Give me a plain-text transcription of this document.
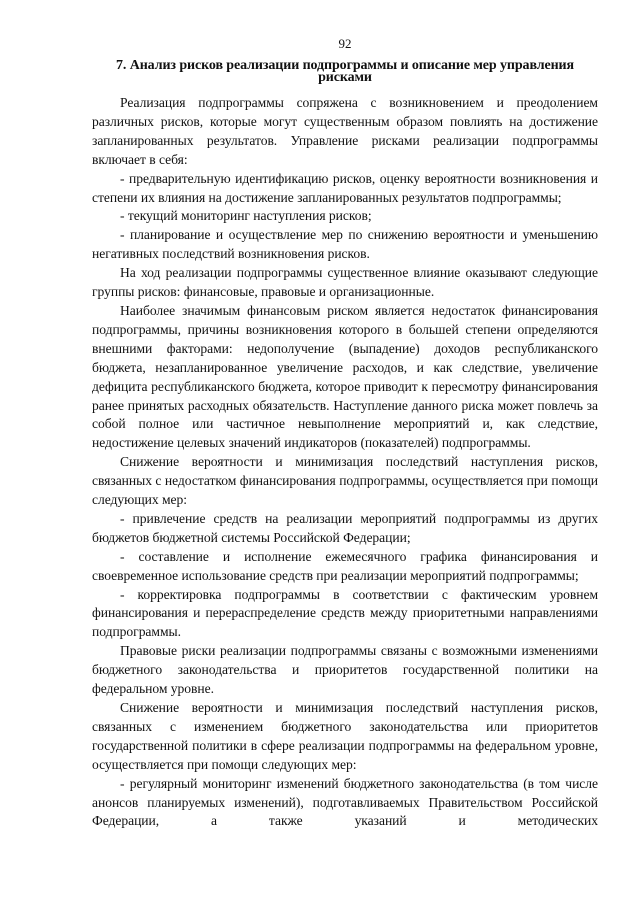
92
7. Анализ рисков реализации подпрограммы и описание мер управления рисками

Реализация подпрограммы сопряжена с возникновением и преодолением различных рисков, которые могут существенным образом повлиять на достижение запланированных результатов. Управление рисками реализации подпрограммы включает в себя:

- предварительную идентификацию рисков, оценку вероятности возникновения и степени их влияния на достижение запланированных результатов подпрограммы;

- текущий мониторинг наступления рисков;

- планирование и осуществление мер по снижению вероятности и уменьшению негативных последствий возникновения рисков.

На ход реализации подпрограммы существенное влияние оказывают следующие группы рисков: финансовые, правовые и организационные.

Наиболее значимым финансовым риском является недостаток финансирования подпрограммы, причины возникновения которого в большей степени определяются внешними факторами: недополучение (выпадение) доходов республиканского бюджета, незапланированное увеличение расходов, и как следствие, увеличение дефицита республиканского бюджета, которое приводит к пересмотру финансирования ранее принятых расходных обязательств. Наступление данного риска может повлечь за собой полное или частичное невыполнение мероприятий и, как следствие, недостижение целевых значений индикаторов (показателей) подпрограммы.

Снижение вероятности и минимизация последствий наступления рисков, связанных с недостатком финансирования подпрограммы, осуществляется при помощи следующих мер:

- привлечение средств на реализации мероприятий подпрограммы из других бюджетов бюджетной системы Российской Федерации;

- составление и исполнение ежемесячного графика финансирования и своевременное использование средств при реализации мероприятий подпрограммы;

- корректировка подпрограммы в соответствии с фактическим уровнем финансирования и перераспределение средств между приоритетными направлениями подпрограммы.

Правовые риски реализации подпрограммы связаны с возможными изменениями бюджетного законодательства и приоритетов государственной политики на федеральном уровне.

Снижение вероятности и минимизация последствий наступления рисков, связанных с изменением бюджетного законодательства или приоритетов государственной политики в сфере реализации подпрограммы на федеральном уровне, осуществляется при помощи следующих мер:

- регулярный мониторинг изменений бюджетного законодательства (в том числе анонсов планируемых изменений), подготавливаемых Правительством Российской Федерации, а также указаний и методических
